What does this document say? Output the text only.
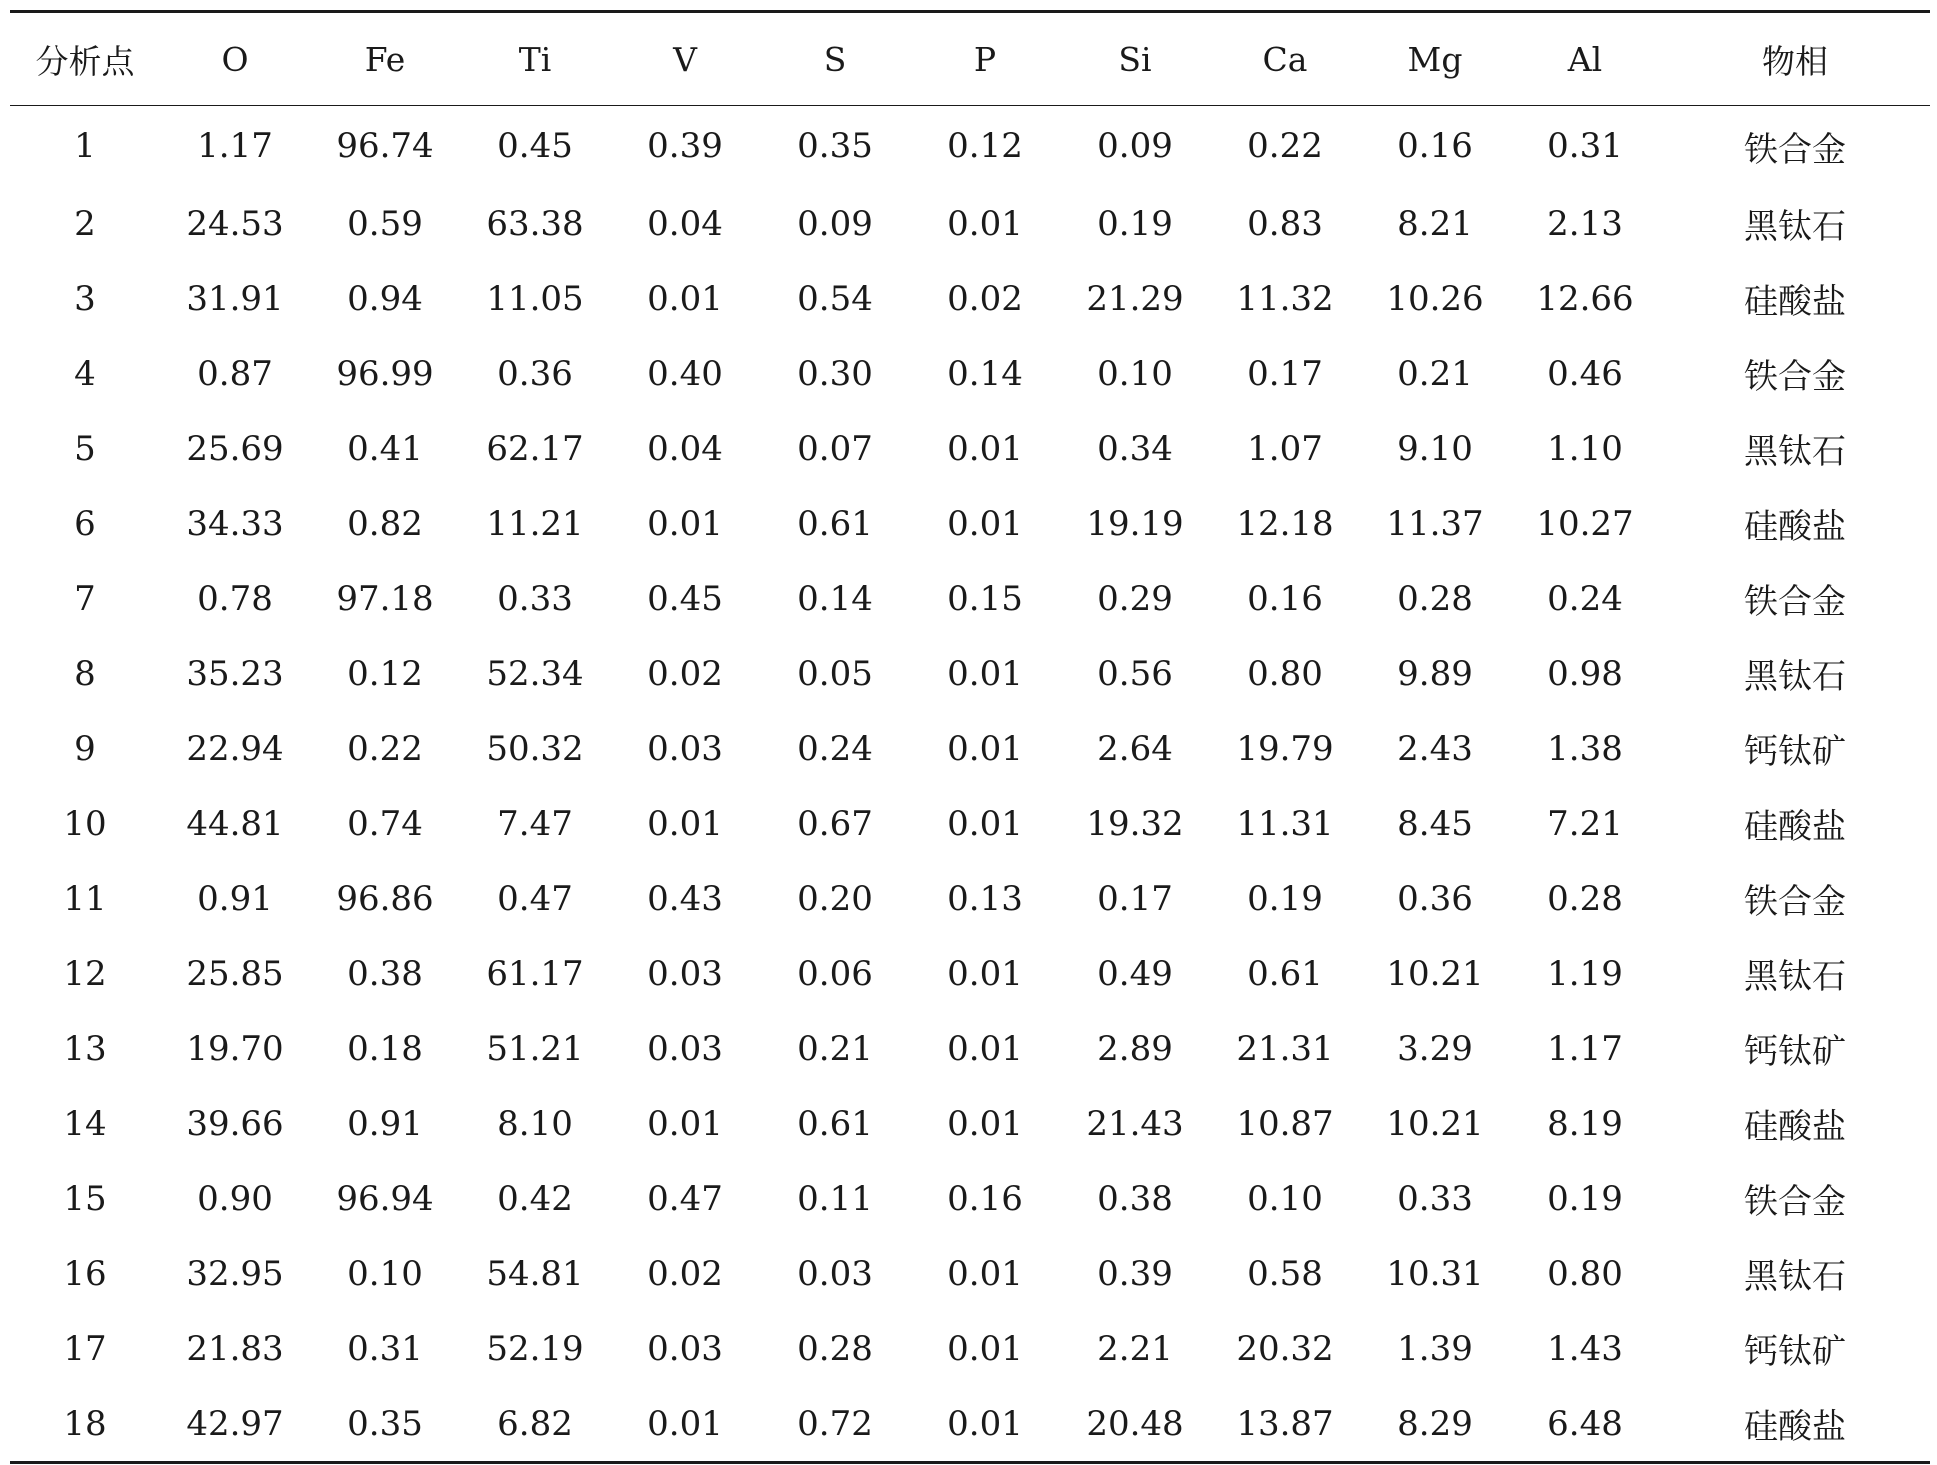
分析点	O	Fe	Ti	V	S	P	Si	Ca	Mg	Al	物相
1	1.17	96.74	0.45	0.39	0.35	0.12	0.09	0.22	0.16	0.31	铁合金
2	24.53	0.59	63.38	0.04	0.09	0.01	0.19	0.83	8.21	2.13	黑钛石
3	31.91	0.94	11.05	0.01	0.54	0.02	21.29	11.32	10.26	12.66	硅酸盐
4	0.87	96.99	0.36	0.40	0.30	0.14	0.10	0.17	0.21	0.46	铁合金
5	25.69	0.41	62.17	0.04	0.07	0.01	0.34	1.07	9.10	1.10	黑钛石
6	34.33	0.82	11.21	0.01	0.61	0.01	19.19	12.18	11.37	10.27	硅酸盐
7	0.78	97.18	0.33	0.45	0.14	0.15	0.29	0.16	0.28	0.24	铁合金
8	35.23	0.12	52.34	0.02	0.05	0.01	0.56	0.80	9.89	0.98	黑钛石
9	22.94	0.22	50.32	0.03	0.24	0.01	2.64	19.79	2.43	1.38	钙钛矿
10	44.81	0.74	7.47	0.01	0.67	0.01	19.32	11.31	8.45	7.21	硅酸盐
11	0.91	96.86	0.47	0.43	0.20	0.13	0.17	0.19	0.36	0.28	铁合金
12	25.85	0.38	61.17	0.03	0.06	0.01	0.49	0.61	10.21	1.19	黑钛石
13	19.70	0.18	51.21	0.03	0.21	0.01	2.89	21.31	3.29	1.17	钙钛矿
14	39.66	0.91	8.10	0.01	0.61	0.01	21.43	10.87	10.21	8.19	硅酸盐
15	0.90	96.94	0.42	0.47	0.11	0.16	0.38	0.10	0.33	0.19	铁合金
16	32.95	0.10	54.81	0.02	0.03	0.01	0.39	0.58	10.31	0.80	黑钛石
17	21.83	0.31	52.19	0.03	0.28	0.01	2.21	20.32	1.39	1.43	钙钛矿
18	42.97	0.35	6.82	0.01	0.72	0.01	20.48	13.87	8.29	6.48	硅酸盐
